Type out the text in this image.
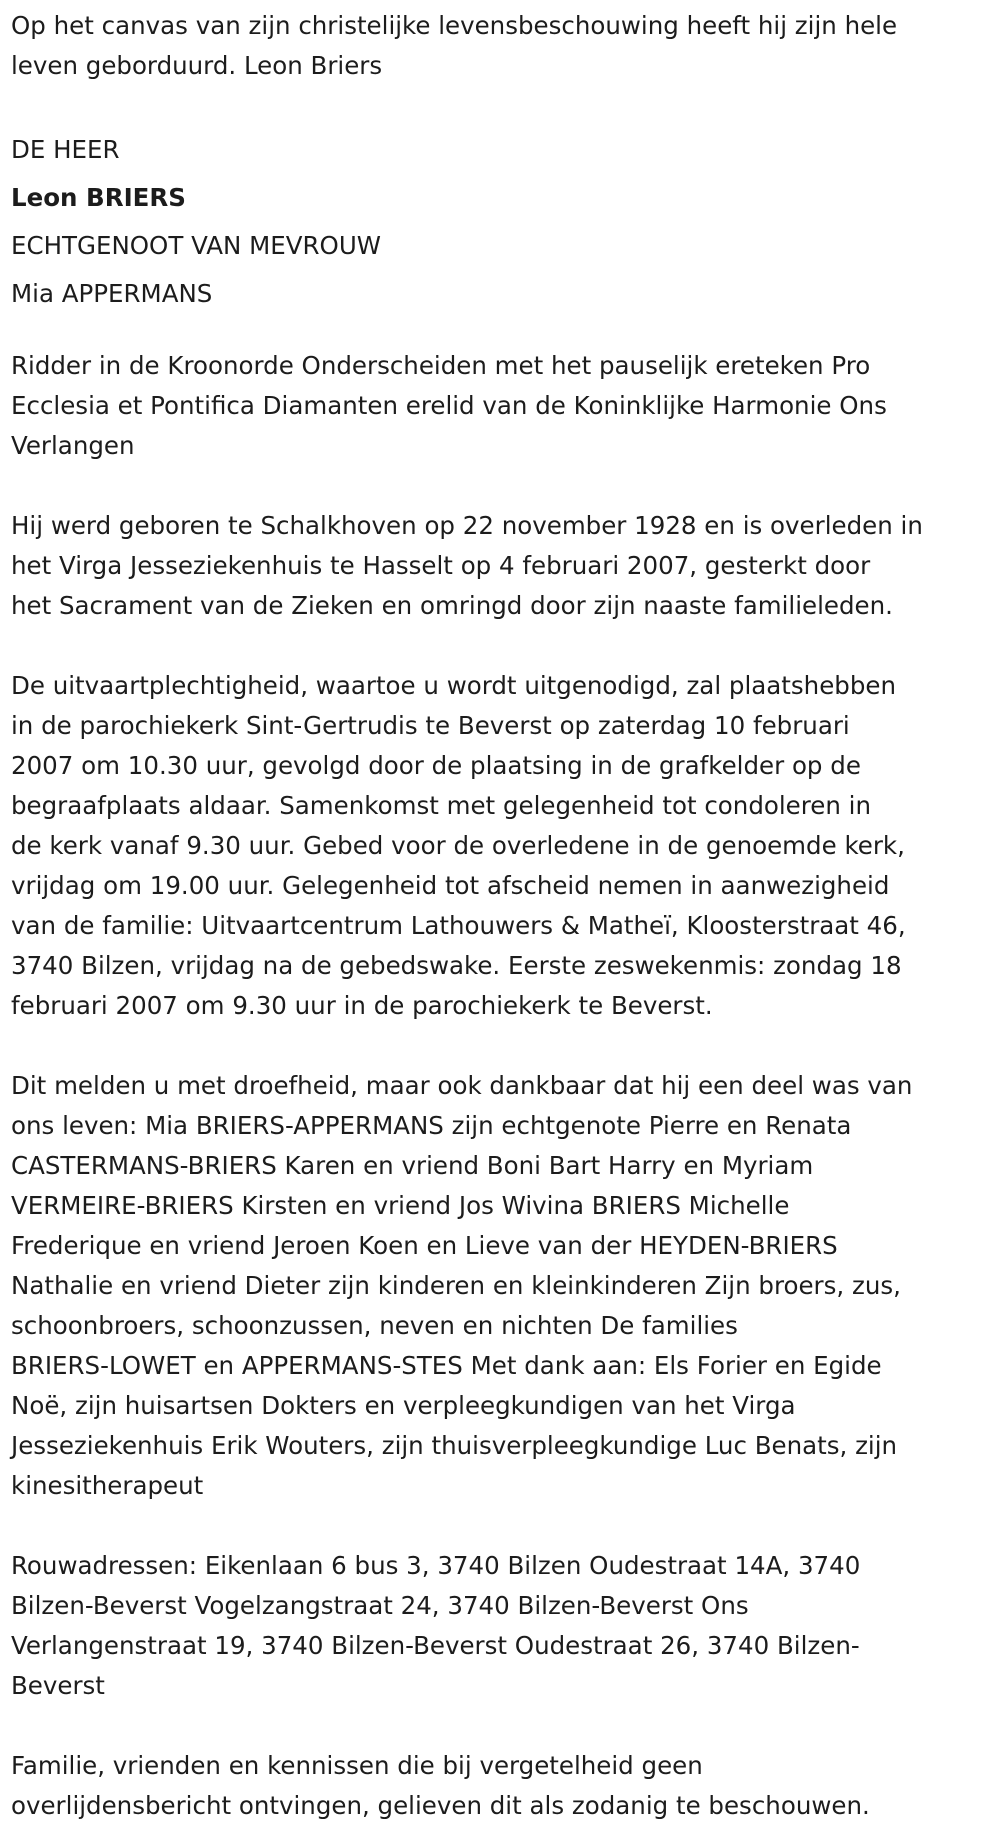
Op het canvas van zijn christelijke levensbeschouwing heeft hij zijn hele
leven geborduurd. Leon Briers
DE HEER
Leon BRIERS
ECHTGENOOT VAN MEVROUW
Mia APPERMANS
Ridder in de Kroonorde Onderscheiden met het pauselijk ereteken Pro
Ecclesia et Pontifica Diamanten erelid van de Koninklijke Harmonie Ons
Verlangen
Hij werd geboren te Schalkhoven op 22 november 1928 en is overleden in
het Virga Jesseziekenhuis te Hasselt op 4 februari 2007, gesterkt door
het Sacrament van de Zieken en omringd door zijn naaste familieleden.
De uitvaartplechtigheid, waartoe u wordt uitgenodigd, zal plaatshebben
in de parochiekerk Sint-Gertrudis te Beverst op zaterdag 10 februari
2007 om 10.30 uur, gevolgd door de plaatsing in de grafkelder op de
begraafplaats aldaar. Samenkomst met gelegenheid tot condoleren in
de kerk vanaf 9.30 uur. Gebed voor de overledene in de genoemde kerk,
vrijdag om 19.00 uur. Gelegenheid tot afscheid nemen in aanwezigheid
van de familie: Uitvaartcentrum Lathouwers & Matheï, Kloosterstraat 46,
3740 Bilzen, vrijdag na de gebedswake. Eerste zeswekenmis: zondag 18
februari 2007 om 9.30 uur in de parochiekerk te Beverst.
Dit melden u met droefheid, maar ook dankbaar dat hij een deel was van
ons leven: Mia BRIERS-APPERMANS zijn echtgenote Pierre en Renata
CASTERMANS-BRIERS Karen en vriend Boni Bart Harry en Myriam
VERMEIRE-BRIERS Kirsten en vriend Jos Wivina BRIERS Michelle
Frederique en vriend Jeroen Koen en Lieve van der HEYDEN-BRIERS
Nathalie en vriend Dieter zijn kinderen en kleinkinderen Zijn broers, zus,
schoonbroers, schoonzussen, neven en nichten De families
BRIERS-LOWET en APPERMANS-STES Met dank aan: Els Forier en Egide
Noë, zijn huisartsen Dokters en verpleegkundigen van het Virga
Jesseziekenhuis Erik Wouters, zijn thuisverpleegkundige Luc Benats, zijn
kinesitherapeut
Rouwadressen: Eikenlaan 6 bus 3, 3740 Bilzen Oudestraat 14A, 3740
Bilzen-Beverst Vogelzangstraat 24, 3740 Bilzen-Beverst Ons
Verlangenstraat 19, 3740 Bilzen-Beverst Oudestraat 26, 3740 Bilzen-
Beverst
Familie, vrienden en kennissen die bij vergetelheid geen
overlijdensbericht ontvingen, gelieven dit als zodanig te beschouwen.
